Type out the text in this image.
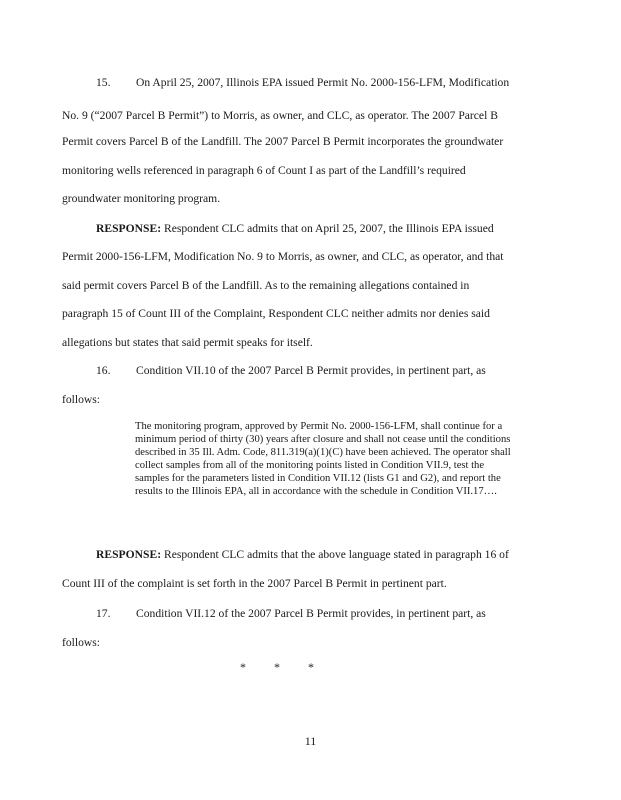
15. On April 25, 2007, Illinois EPA issued Permit No. 2000-156-LFM, Modification
No. 9 (“2007 Parcel B Permit”) to Morris, as owner, and CLC, as operator. The 2007 Parcel B
Permit covers Parcel B of the Landfill. The 2007 Parcel B Permit incorporates the groundwater
monitoring wells referenced in paragraph 6 of Count I as part of the Landfill’s required
groundwater monitoring program.
RESPONSE: Respondent CLC admits that on April 25, 2007, the Illinois EPA issued
Permit 2000-156-LFM, Modification No. 9 to Morris, as owner, and CLC, as operator, and that
said permit covers Parcel B of the Landfill. As to the remaining allegations contained in
paragraph 15 of Count III of the Complaint, Respondent CLC neither admits nor denies said
allegations but states that said permit speaks for itself.
16. Condition VII.10 of the 2007 Parcel B Permit provides, in pertinent part, as
follows:
The monitoring program, approved by Permit No. 2000-156-LFM, shall continue for a minimum period of thirty (30) years after closure and shall not cease until the conditions described in 35 Ill. Adm. Code, 811.319(a)(1)(C) have been achieved. The operator shall collect samples from all of the monitoring points listed in Condition VII.9, test the samples for the parameters listed in Condition VII.12 (lists G1 and G2), and report the results to the Illinois EPA, all in accordance with the schedule in Condition VII.17….
RESPONSE: Respondent CLC admits that the above language stated in paragraph 16 of
Count III of the complaint is set forth in the 2007 Parcel B Permit in pertinent part.
17. Condition VII.12 of the 2007 Parcel B Permit provides, in pertinent part, as
follows:
* * *
11
